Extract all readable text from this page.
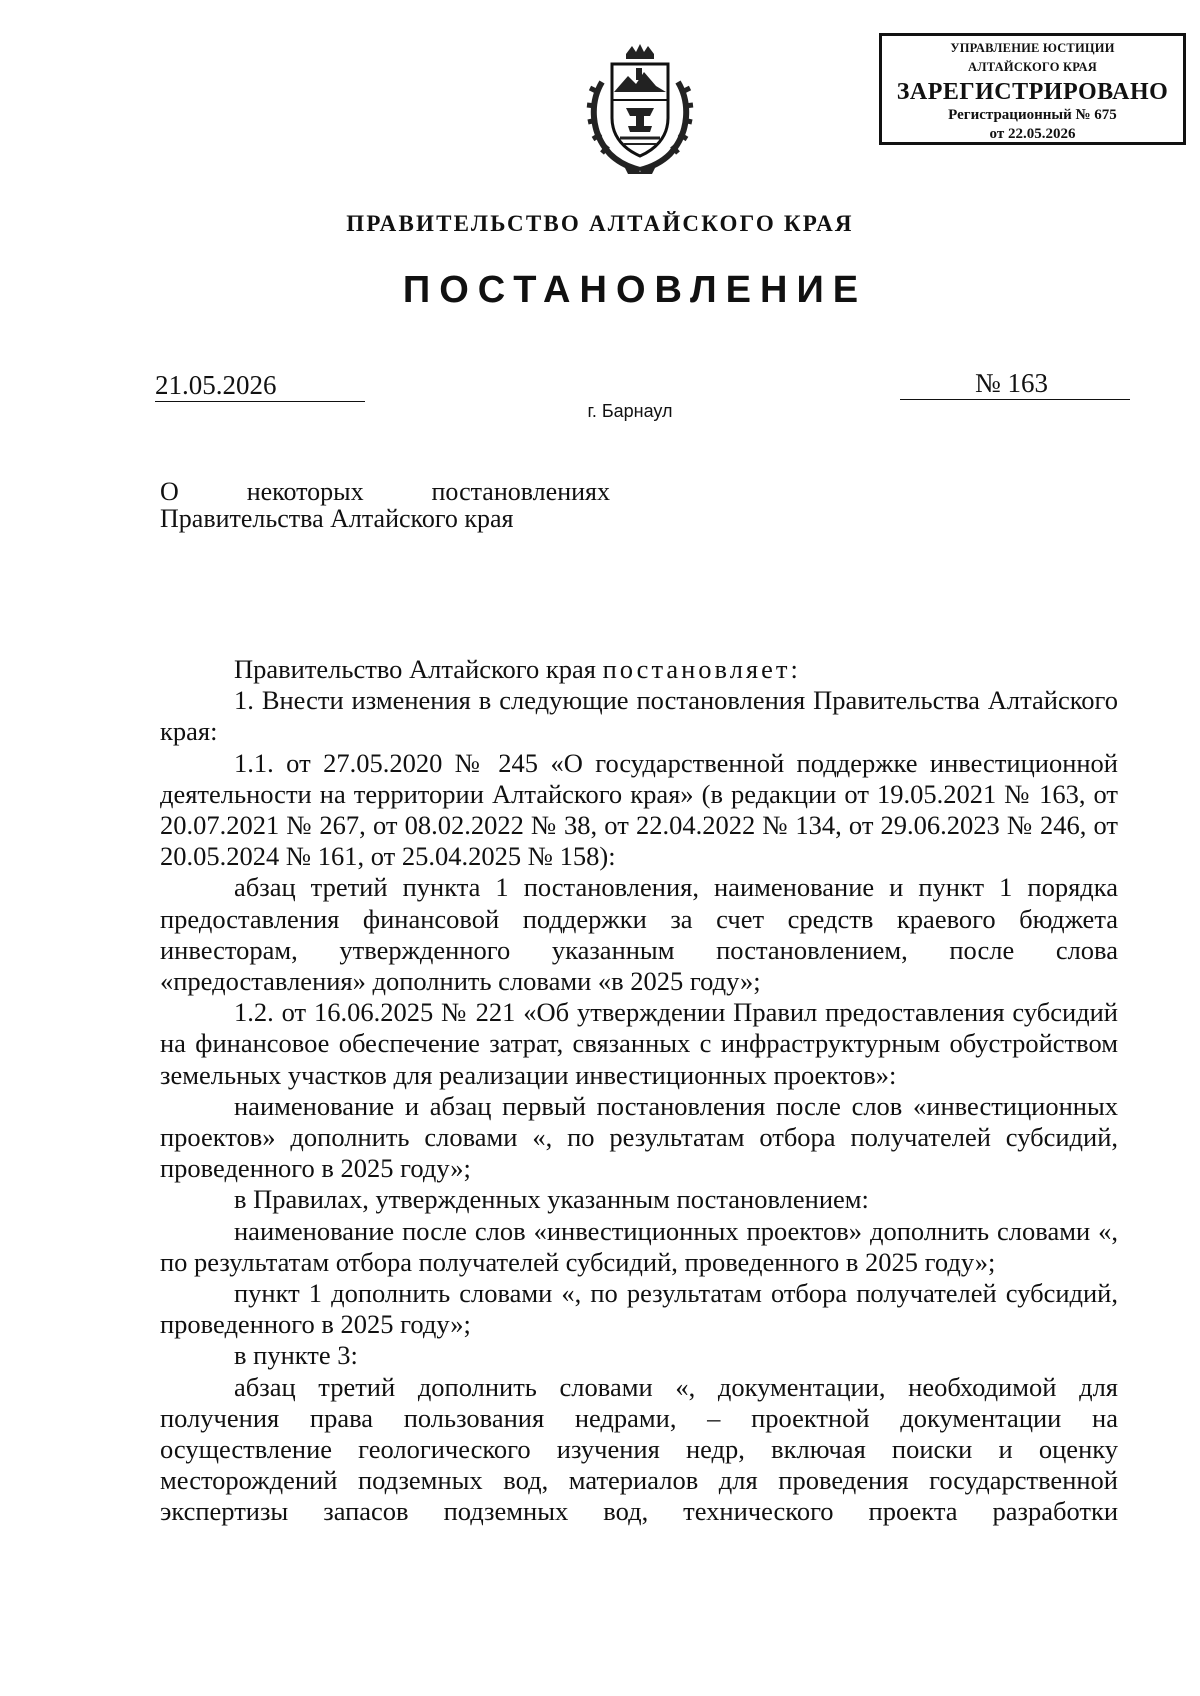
УПРАВЛЕНИЕ ЮСТИЦИИ
АЛТАЙСКОГО КРАЯ
ЗАРЕГИСТРИРОВАНО
Регистрационный № 675
от 22.05.2026
ПРАВИТЕЛЬСТВО АЛТАЙСКОГО КРАЯ
ПОСТАНОВЛЕНИЕ
21.05.2026	№ 163
г. Барнаул
О	некоторых	постановлениях
Правительства Алтайского края

Правительство Алтайского края постановляет:

1. Внести изменения в следующие постановления Правительства Алтайского края:

1.1. от 27.05.2020 № 245 «О государственной поддержке инвестиционной деятельности на территории Алтайского края» (в редакции от 19.05.2021 № 163, от 20.07.2021 № 267, от 08.02.2022 № 38, от 22.04.2022 № 134, от 29.06.2023 № 246, от 20.05.2024 № 161, от 25.04.2025 № 158):

абзац третий пункта 1 постановления, наименование и пункт 1 порядка предоставления финансовой поддержки за счет средств краевого бюджета инвесторам, утвержденного указанным постановлением, после слова «предоставления» дополнить словами «в 2025 году»;

1.2. от 16.06.2025 № 221 «Об утверждении Правил предоставления субсидий на финансовое обеспечение затрат, связанных с инфраструктурным обустройством земельных участков для реализации инвестиционных проектов»:

наименование и абзац первый постановления после слов «инвестиционных проектов» дополнить словами «, по результатам отбора получателей субсидий, проведенного в 2025 году»;

в Правилах, утвержденных указанным постановлением:

наименование после слов «инвестиционных проектов» дополнить словами «, по результатам отбора получателей субсидий, проведенного в 2025 году»;

пункт 1 дополнить словами «, по результатам отбора получателей субсидий, проведенного в 2025 году»;

в пункте 3:

абзац третий дополнить словами «, документации, необходимой для получения права пользования недрами, – проектной документации на осуществление геологического изучения недр, включая поиски и оценку месторождений подземных вод, материалов для проведения государственной экспертизы запасов подземных вод, технического проекта разработки
